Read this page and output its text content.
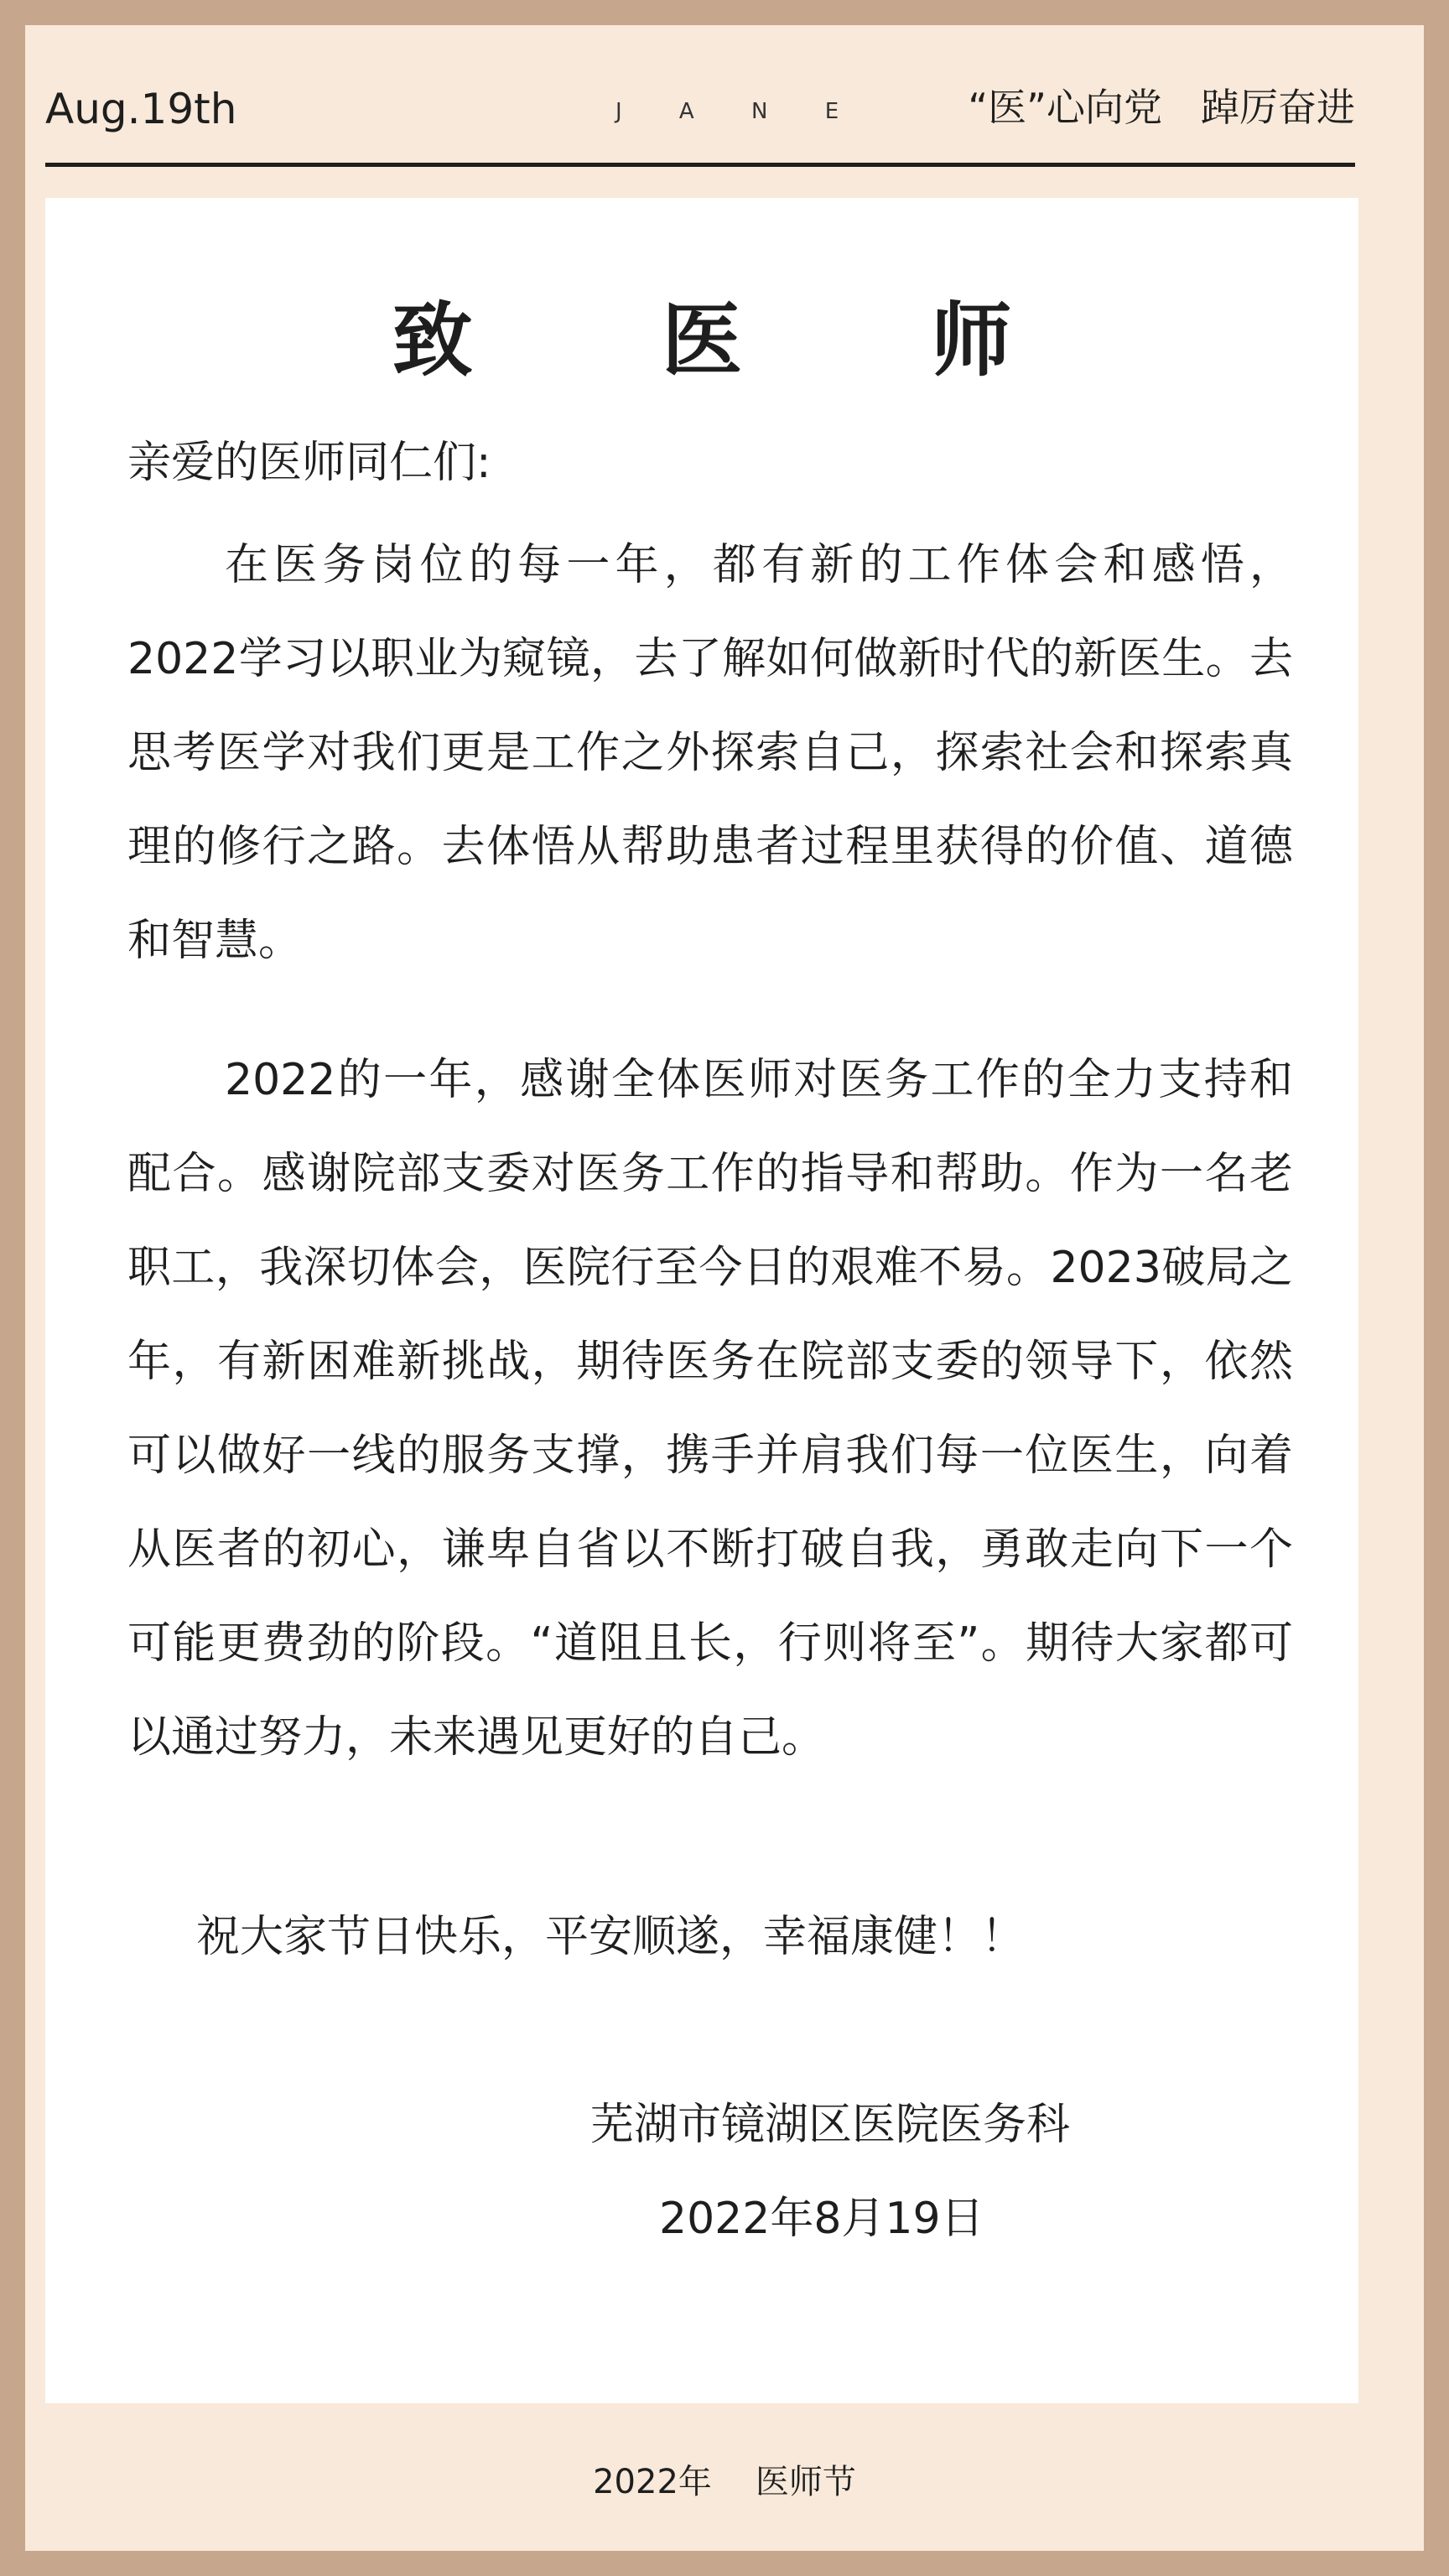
Aug.19th	J A N E	“医”心向党 踔厉奋进
致 医 师
亲爱的医师同仁们:

在医务岗位的每一年，都有新的工作体会和感悟，2022学习以职业为窥镜，去了解如何做新时代的新医生。去思考医学对我们更是工作之外探索自己，探索社会和探索真理的修行之路。去体悟从帮助患者过程里获得的价值、道德和智慧。

2022的一年，感谢全体医师对医务工作的全力支持和配合。感谢院部支委对医务工作的指导和帮助。作为一名老职工，我深切体会，医院行至今日的艰难不易。2023破局之年，有新困难新挑战，期待医务在院部支委的领导下，依然可以做好一线的服务支撑，携手并肩我们每一位医生，向着从医者的初心，谦卑自省以不断打破自我，勇敢走向下一个可能更费劲的阶段。“道阻且长，行则将至”。期待大家都可以通过努力，未来遇见更好的自己。

祝大家节日快乐，平安顺遂，幸福康健！！
芜湖市镜湖区医院医务科
2022年8月19日
2022年 医师节
